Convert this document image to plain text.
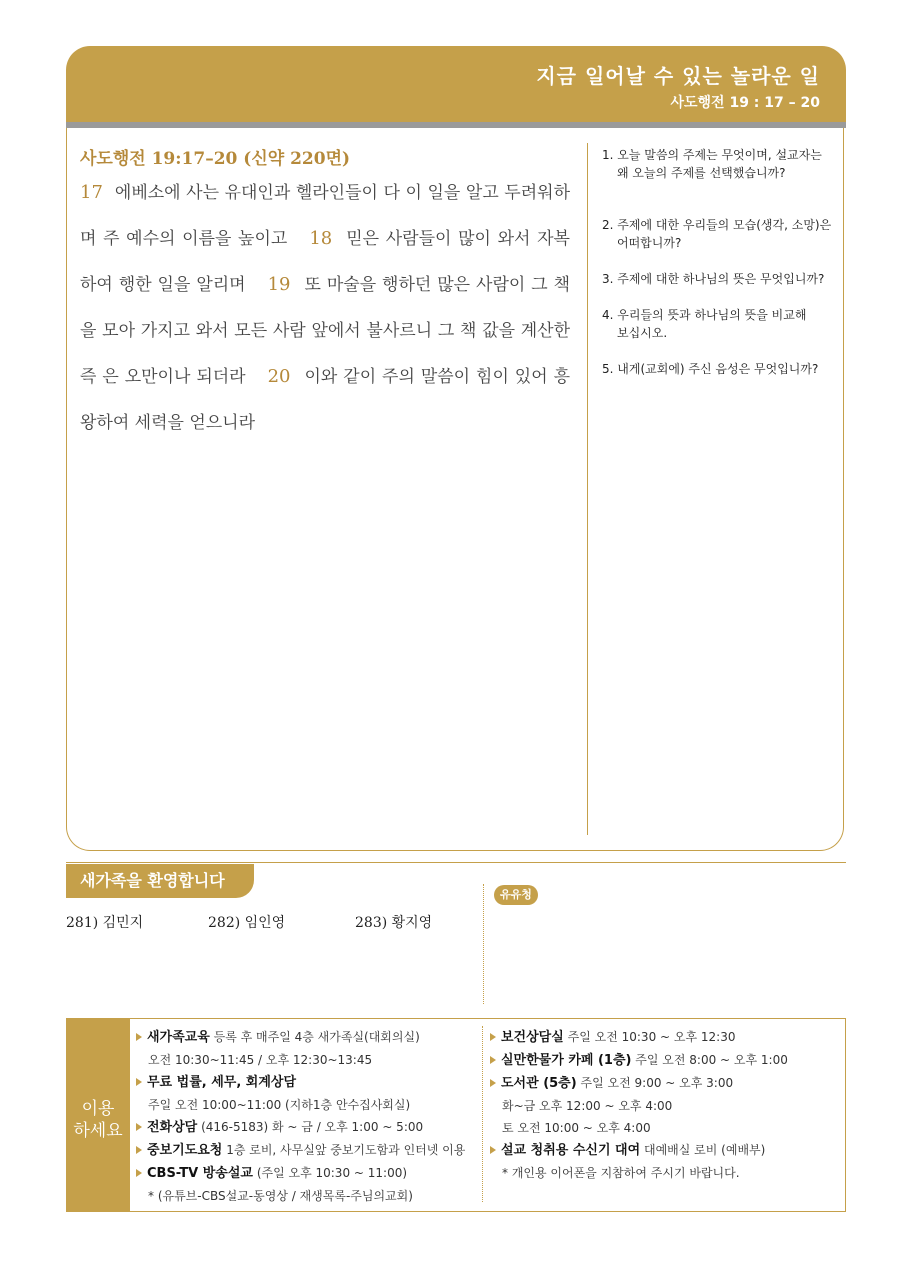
지금 일어날 수 있는 놀라운 일
사도행전 19 : 17 – 20
사도행전 19:17–20 (신약 220면)
17 에베소에 사는 유대인과 헬라인들이 다 이 일을 알고 두려워하며 주 예수의 이름을 높이고 18 믿은 사람들이 많이 와서 자복하여 행한 일을 알리며 19 또 마술을 행하던 많은 사람이 그 책을 모아 가지고 와서 모든 사람 앞에서 불사르니 그 책 값을 계산한즉 은 오만이나 되더라 20 이와 같이 주의 말씀이 힘이 있어 흥왕하여 세력을 얻으니라
1. 오늘 말씀의 주제는 무엇이며, 설교자는
왜 오늘의 주제를 선택했습니까?
2. 주제에 대한 우리들의 모습(생각, 소망)은
어떠합니까?
3. 주제에 대한 하나님의 뜻은 무엇입니까?
4. 우리들의 뜻과 하나님의 뜻을 비교해
보십시오.
5. 내게(교회에) 주신 음성은 무엇입니까?
새가족을 환영합니다
281) 김민지	282) 임인영	283) 황지영
유유청
이용
하세요
새가족교육 등록 후 매주일 4층 새가족실(대회의실)
오전 10:30~11:45 / 오후 12:30~13:45
무료 법률, 세무, 회계상담
주일 오전 10:00~11:00 (지하1층 안수집사회실)
전화상담 (416-5183) 화 ~ 금 / 오후 1:00 ~ 5:00
중보기도요청 1층 로비, 사무실앞 중보기도함과 인터넷 이용
CBS-TV 방송설교 (주일 오후 10:30 ~ 11:00)
* (유튜브-CBS설교-동영상 / 재생목록-주님의교회)
보건상담실 주일 오전 10:30 ~ 오후 12:30
실만한물가 카페 (1층) 주일 오전 8:00 ~ 오후 1:00
도서관 (5층) 주일 오전 9:00 ~ 오후 3:00
화~금 오후 12:00 ~ 오후 4:00
토 오전 10:00 ~ 오후 4:00
설교 청취용 수신기 대여 대예배실 로비 (예배부)
* 개인용 이어폰을 지참하여 주시기 바랍니다.
